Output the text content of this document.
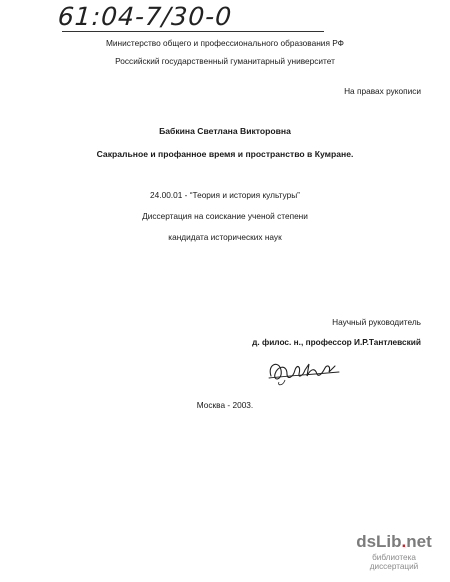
61:04-7/30-0
Министерство общего и профессионального образования РФ
Российский государственный гуманитарный университет
На правах рукописи
Бабкина Светлана Викторовна
Сакральное и профанное время и пространство в Кумране.
24.00.01 - “Теория и история культуры”
Диссертация на соискание ученой степени
кандидата исторических наук
Научный руководитель
д. филос. н., профессор И.Р.Тантлевский
Москва - 2003.
dsLib.net
библиотека диссертаций
